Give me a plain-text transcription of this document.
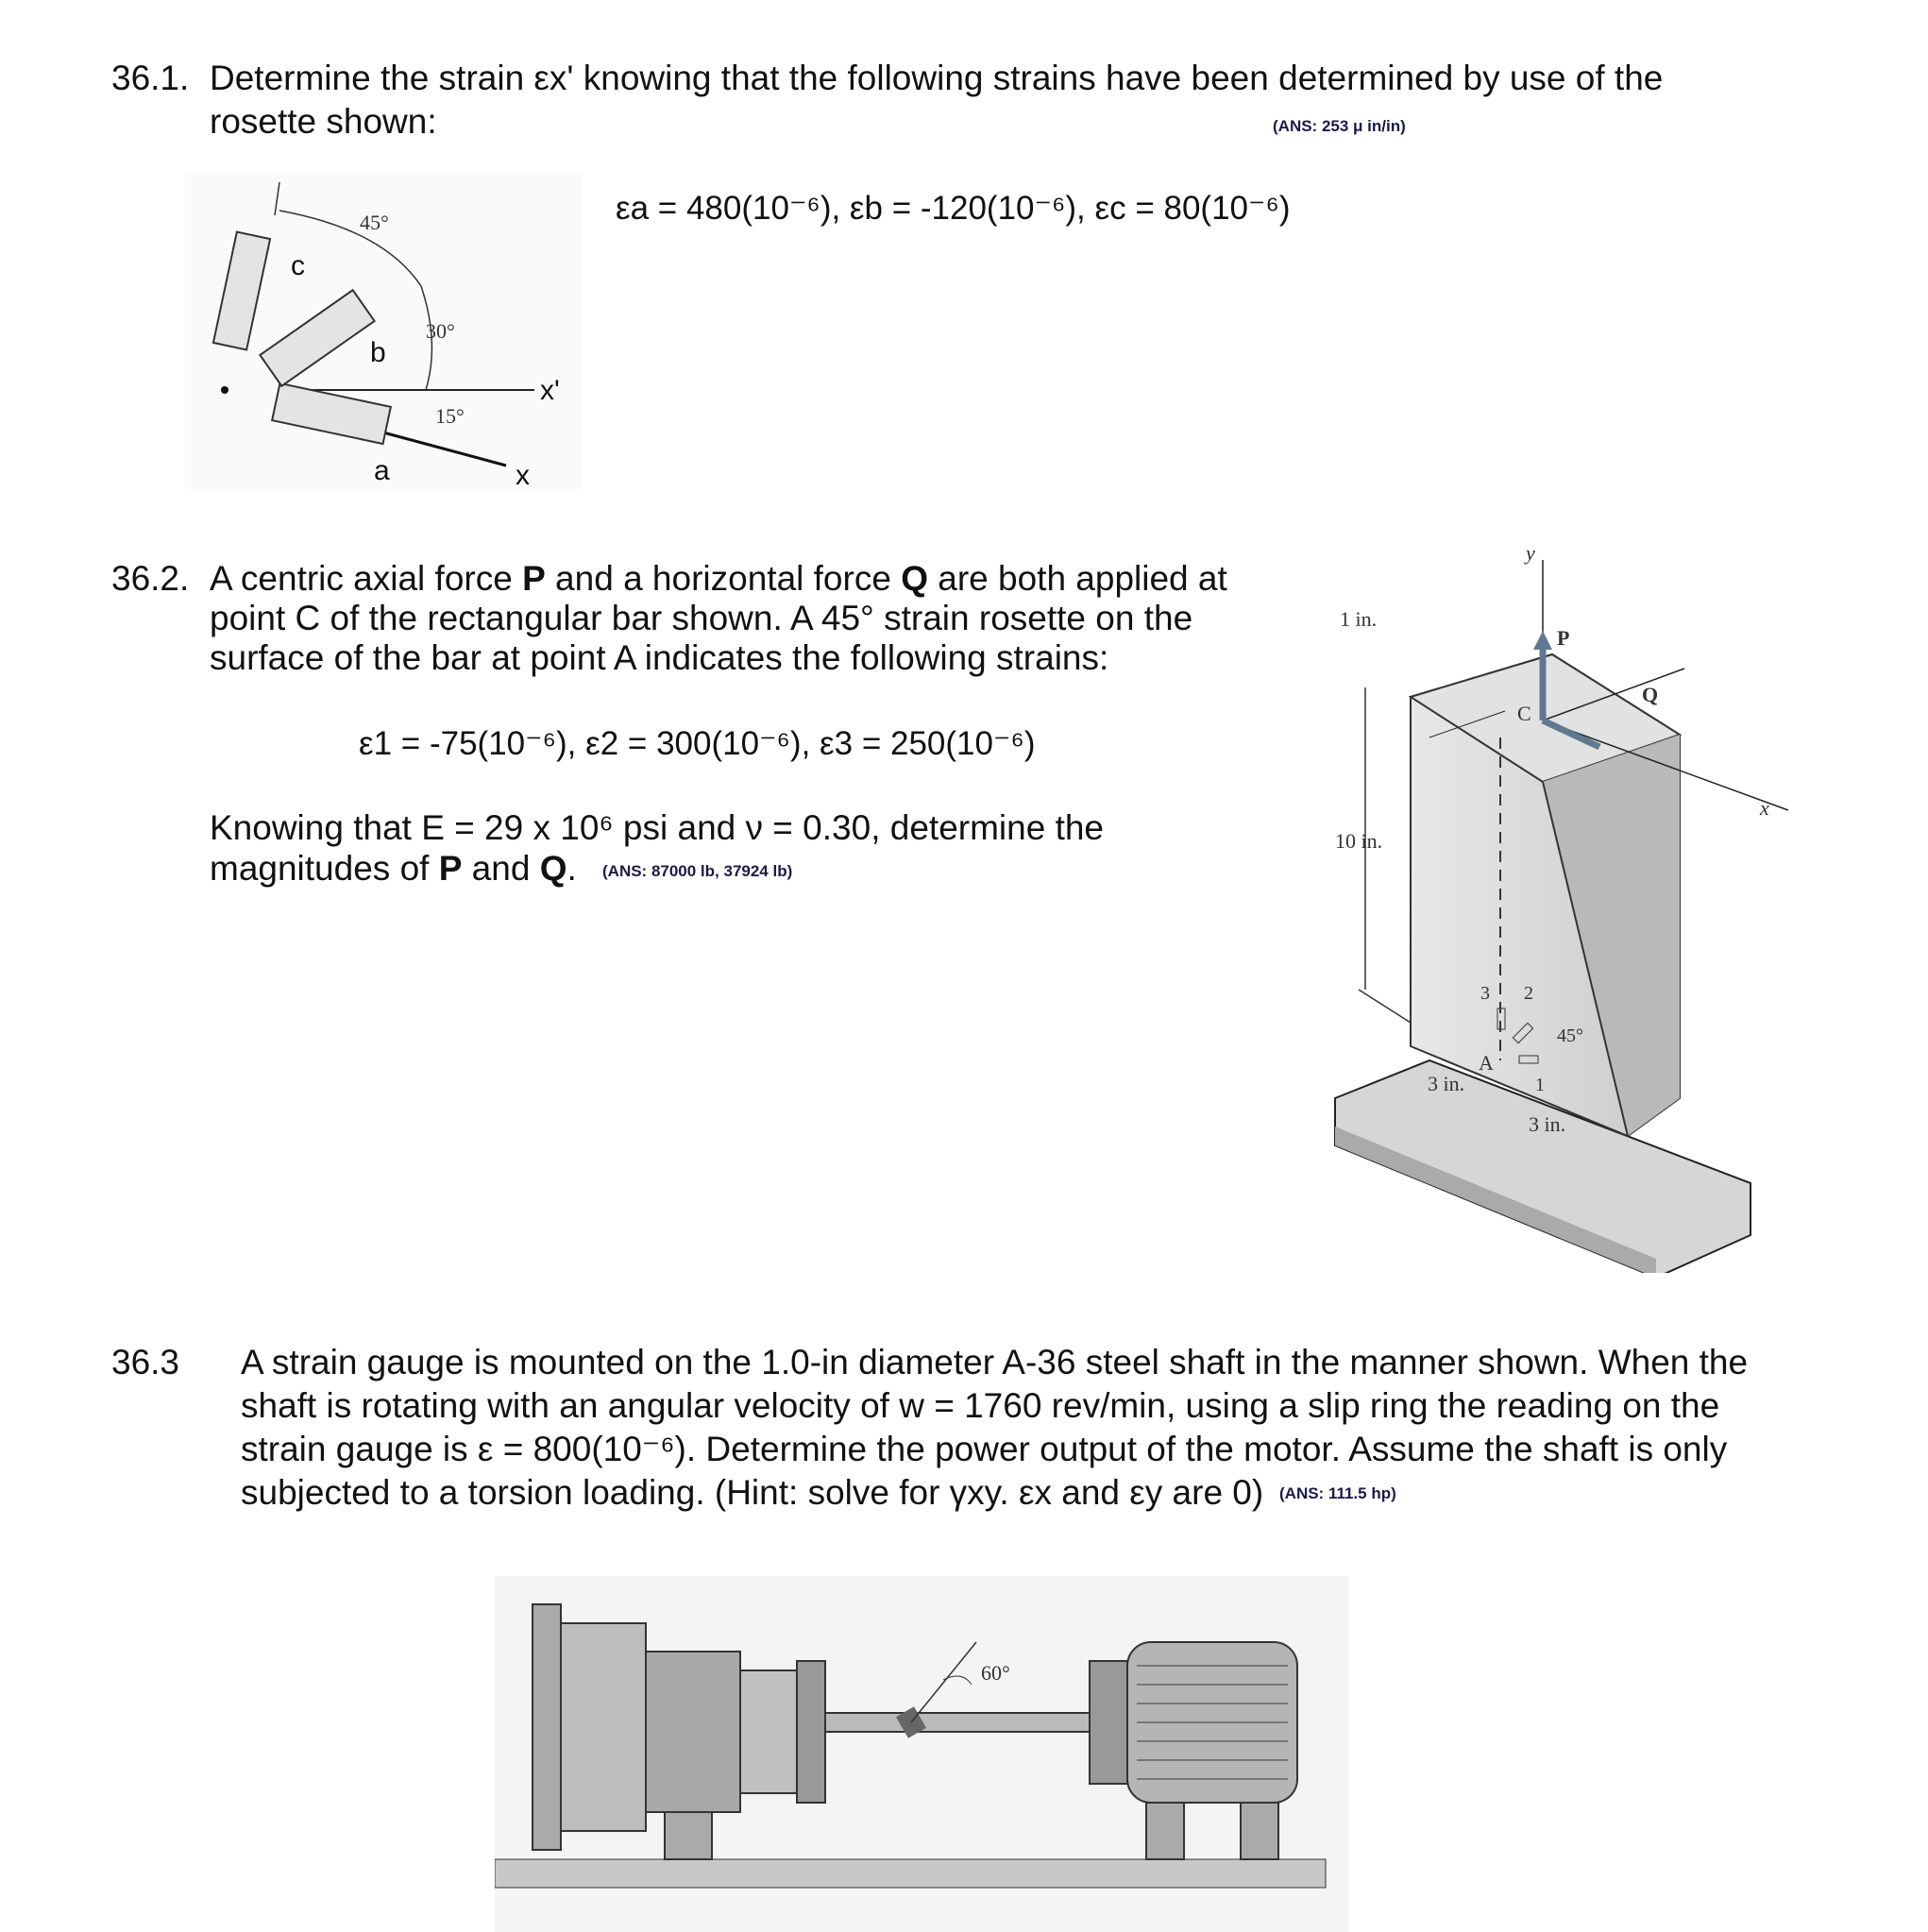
36.1. Determine the strain εx' knowing that the following strains have been determined by use of the
rosette shown:	(ANS: 253 μ in/in)
εa = 480(10⁻⁶), εb = -120(10⁻⁶), εc = 80(10⁻⁶)
45°
30°
15°
c
b
a	x
x'
36.2. A centric axial force P and a horizontal force Q are both applied at
point C of the rectangular bar shown. A 45° strain rosette on the
surface of the bar at point A indicates the following strains:
ε1 = -75(10⁻⁶), ε2 = 300(10⁻⁶), ε3 = 250(10⁻⁶)
Knowing that E = 29 x 10⁶ psi and ν = 0.30, determine the
magnitudes of P and Q. (ANS: 87000 lb, 37924 lb)
1 in.
10 in.
3 in.
3 in.
y
x
P
Q
C
A
3 2
1
45°
36.3 A strain gauge is mounted on the 1.0-in diameter A-36 steel shaft in the manner shown. When the
shaft is rotating with an angular velocity of w = 1760 rev/min, using a slip ring the reading on the
strain gauge is ε = 800(10⁻⁶). Determine the power output of the motor. Assume the shaft is only
subjected to a torsion loading. (Hint: solve for γxy. εx and εy are 0) (ANS: 111.5 hp)
60°
